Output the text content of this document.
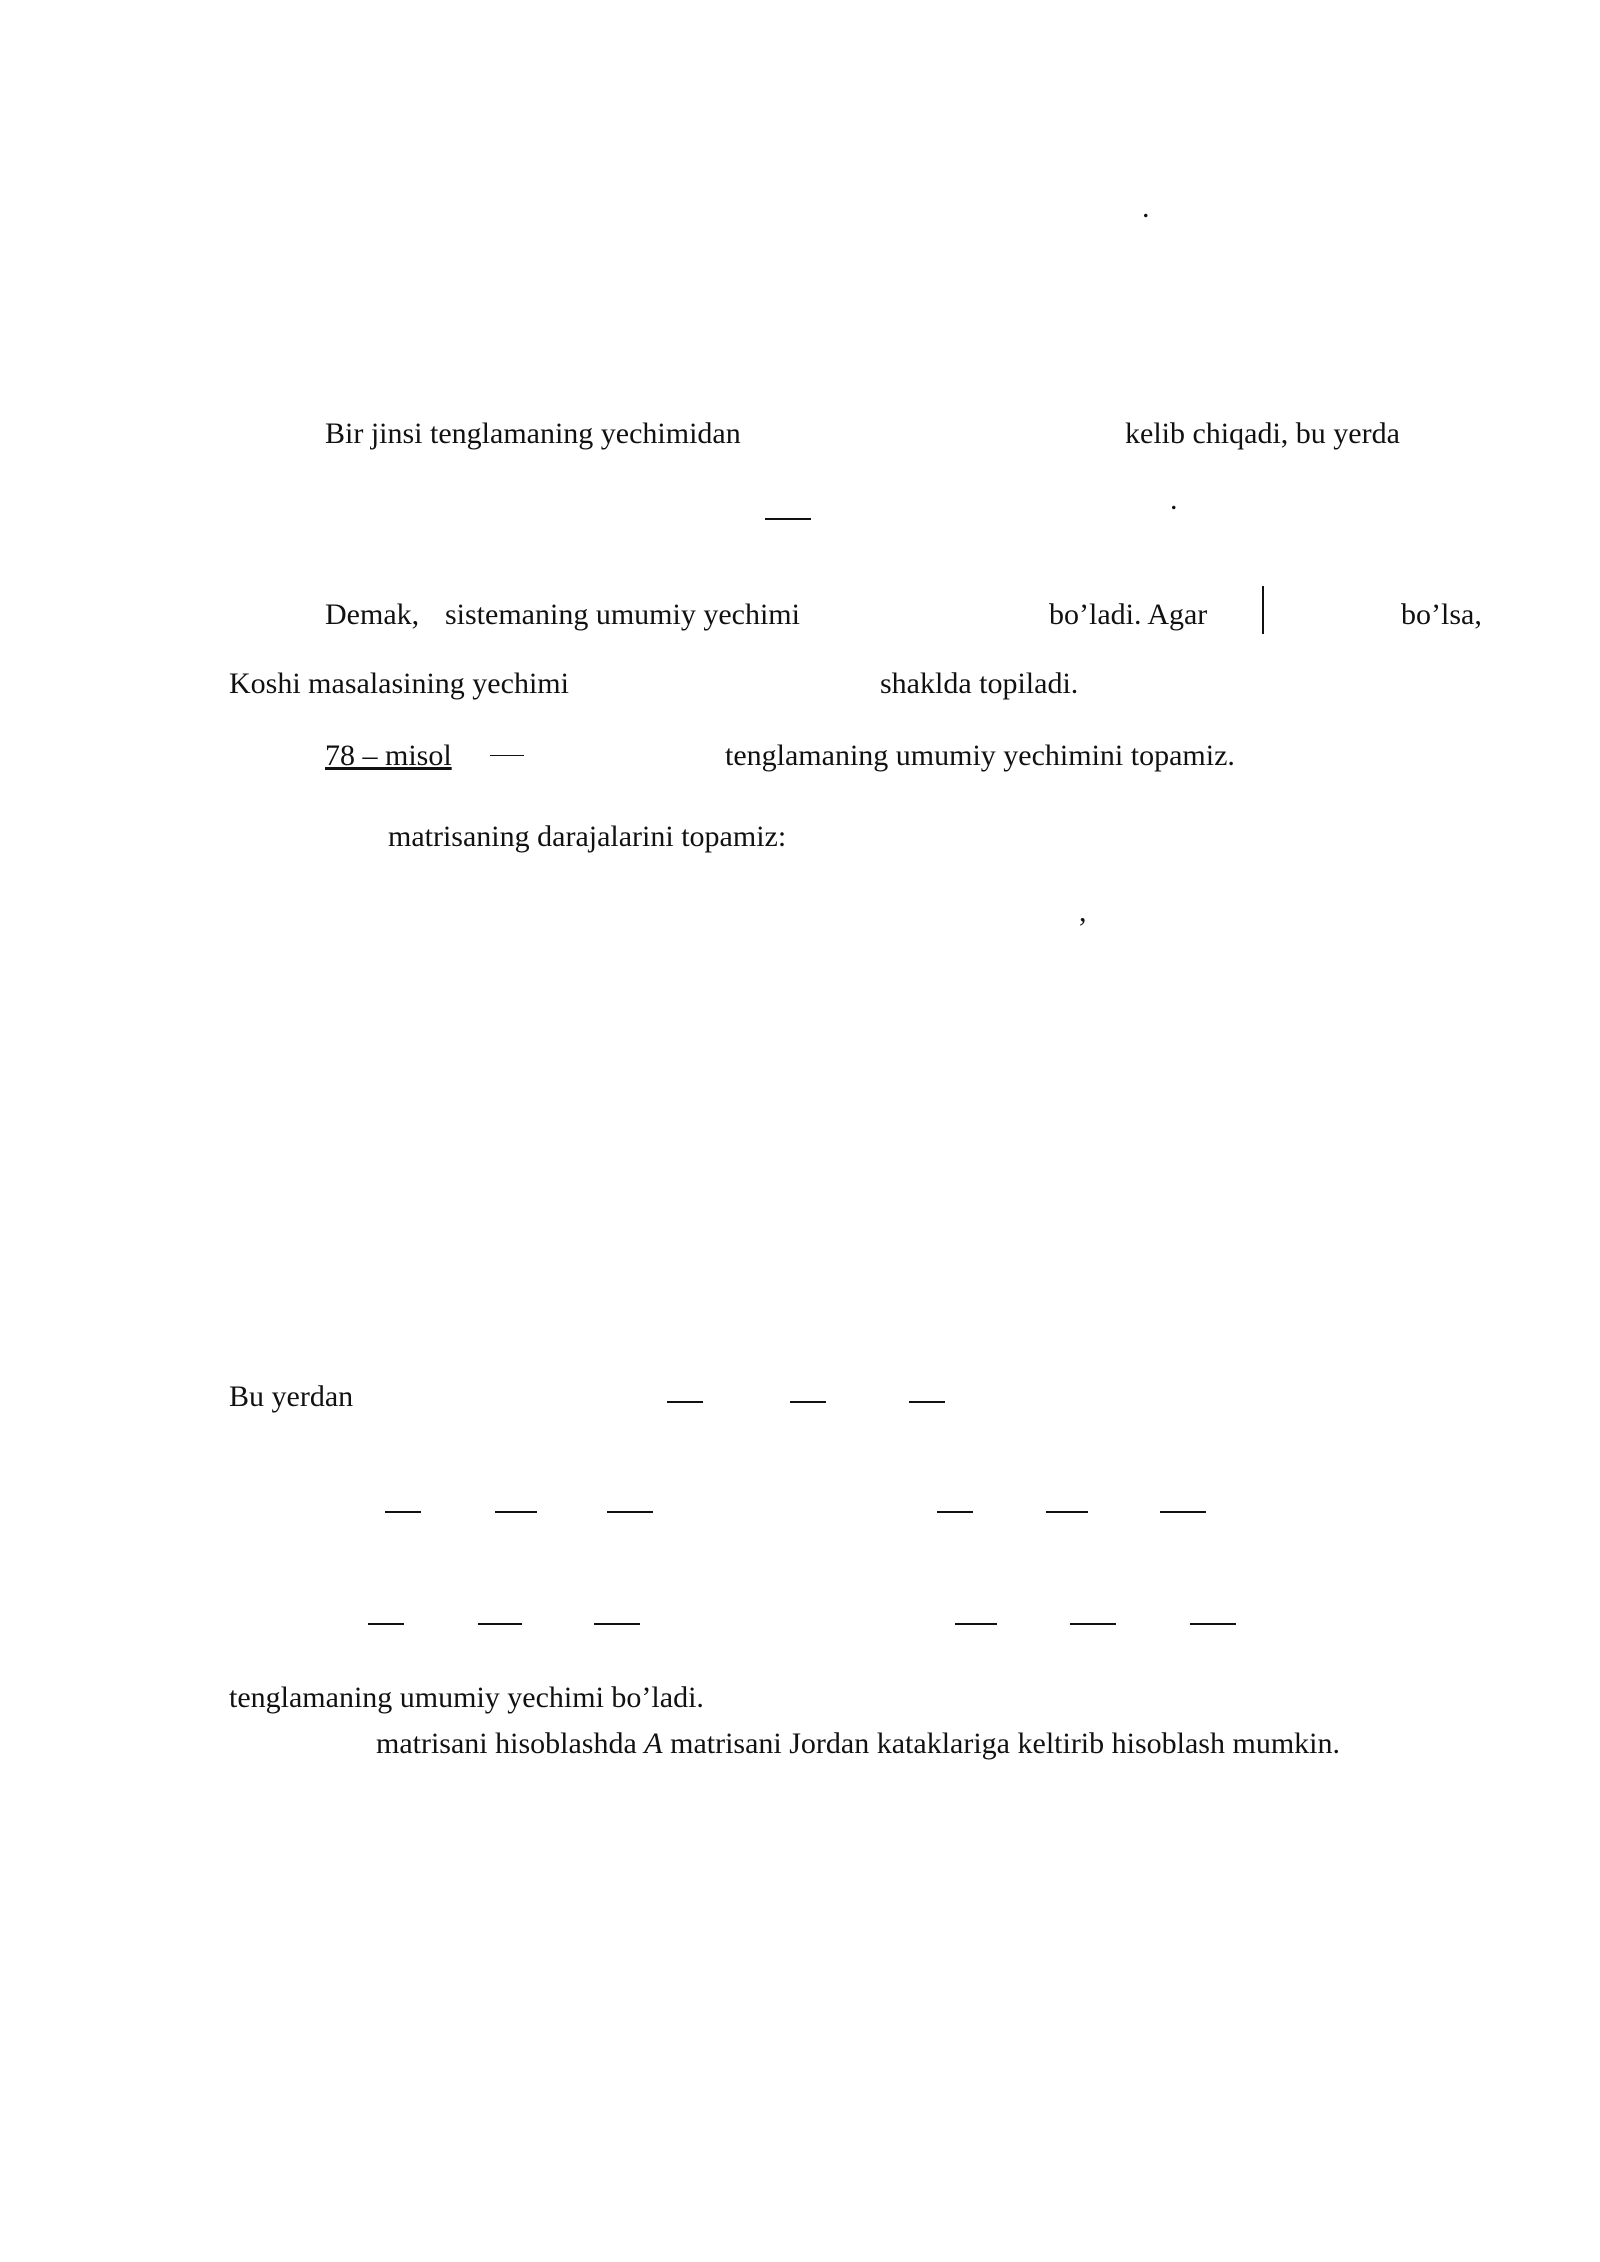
.
.
,
Bir jinsi tenglamaning yechimidan	kelib chiqadi, bu yerda
Demak, sistemaning umumiy yechimi	bo’ladi. Agar	bo’lsa,
Koshi masalasining yechimi	shaklda topiladi.
78 – misol	tenglamaning umumiy yechimini topamiz.
matrisaning darajalarini topamiz:
Bu yerdan
tenglamaning umumiy yechimi bo’ladi.
matrisani hisoblashda A matrisani Jordan kataklariga keltirib hisoblash mumkin.
